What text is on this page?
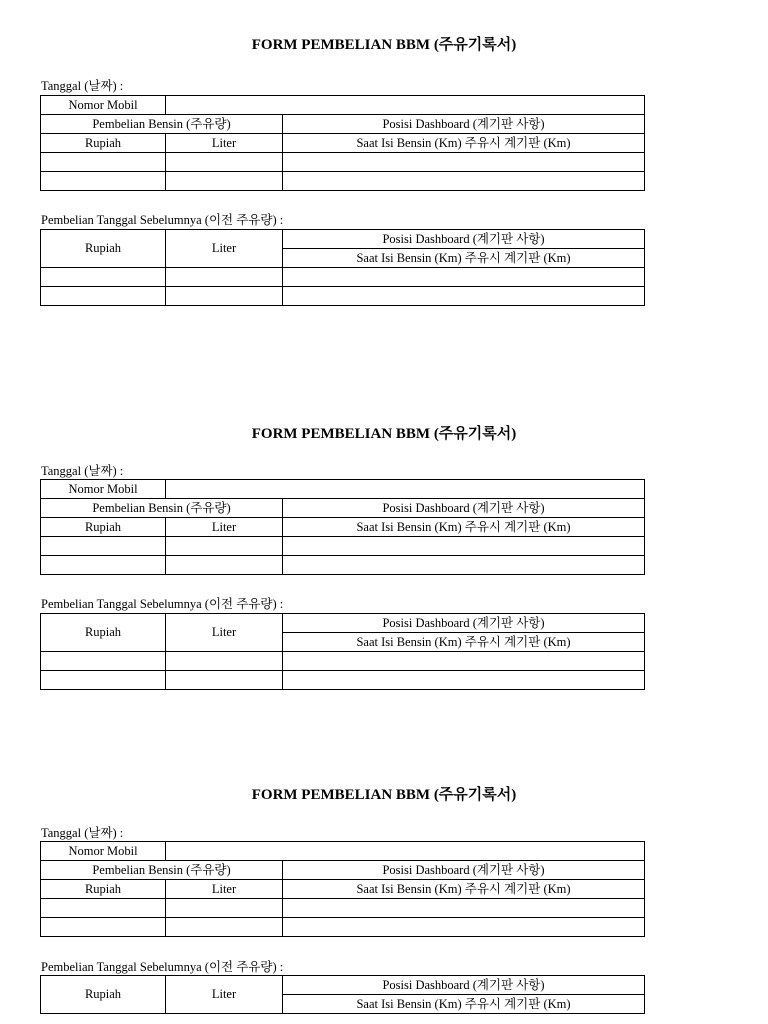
FORM PEMBELIAN BBM (주유기록서)
Tanggal (날짜) :
Nomor Mobil		
Pembelian Bensin (주유량)		Posisi Dashboard (계기판 사항)
Rupiah	Liter	Saat Isi Bensin (Km) 주유시 계기판 (Km)

Pembelian Tanggal Sebelumnya (이전 주유량) :
Rupiah	Liter	Posisi Dashboard (계기판 사항)
		Saat Isi Bensin (Km) 주유시 계기판 (Km)

FORM PEMBELIAN BBM (주유기록서)
Tanggal (날짜) :
Nomor Mobil		
Pembelian Bensin (주유량)		Posisi Dashboard (계기판 사항)
Rupiah	Liter	Saat Isi Bensin (Km) 주유시 계기판 (Km)

Pembelian Tanggal Sebelumnya (이전 주유량) :
Rupiah	Liter	Posisi Dashboard (계기판 사항)
		Saat Isi Bensin (Km) 주유시 계기판 (Km)

FORM PEMBELIAN BBM (주유기록서)
Tanggal (날짜) :
Nomor Mobil		
Pembelian Bensin (주유량)		Posisi Dashboard (계기판 사항)
Rupiah	Liter	Saat Isi Bensin (Km) 주유시 계기판 (Km)

Pembelian Tanggal Sebelumnya (이전 주유량) :
Rupiah	Liter	Posisi Dashboard (계기판 사항)
Saat Isi Bensin (Km) 주유시 계기판 (Km)
